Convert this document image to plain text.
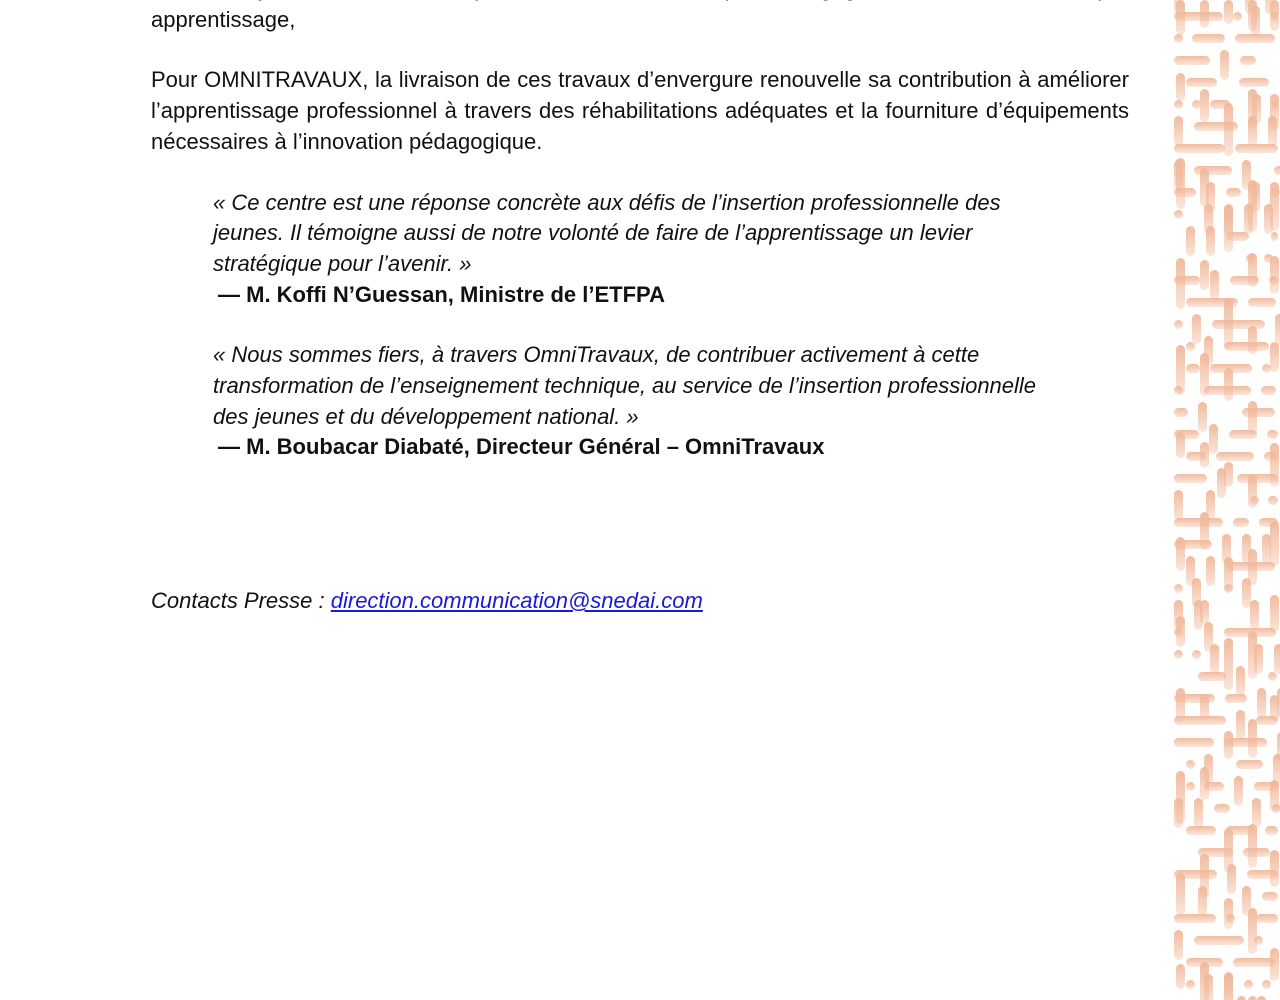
apprentissage,

Pour OMNITRAVAUX, la livraison de ces travaux d’envergure renouvelle sa contribution à améliorer l’apprentissage professionnel à travers des réhabilitations adéquates et la fourniture d’équipements nécessaires à l’innovation pédagogique.

« Ce centre est une réponse concrète aux défis de l’insertion professionnelle des jeunes. Il témoigne aussi de notre volonté de faire de l’apprentissage un levier stratégique pour l’avenir. »

— M. Koffi N’Guessan, Ministre de l’ETFPA

« Nous sommes fiers, à travers OmniTravaux, de contribuer activement à cette transformation de l’enseignement technique, au service de l’insertion professionnelle des jeunes et du développement national. »

— M. Boubacar Diabaté, Directeur Général – OmniTravaux

Contacts Presse : direction.communication@snedai.com
